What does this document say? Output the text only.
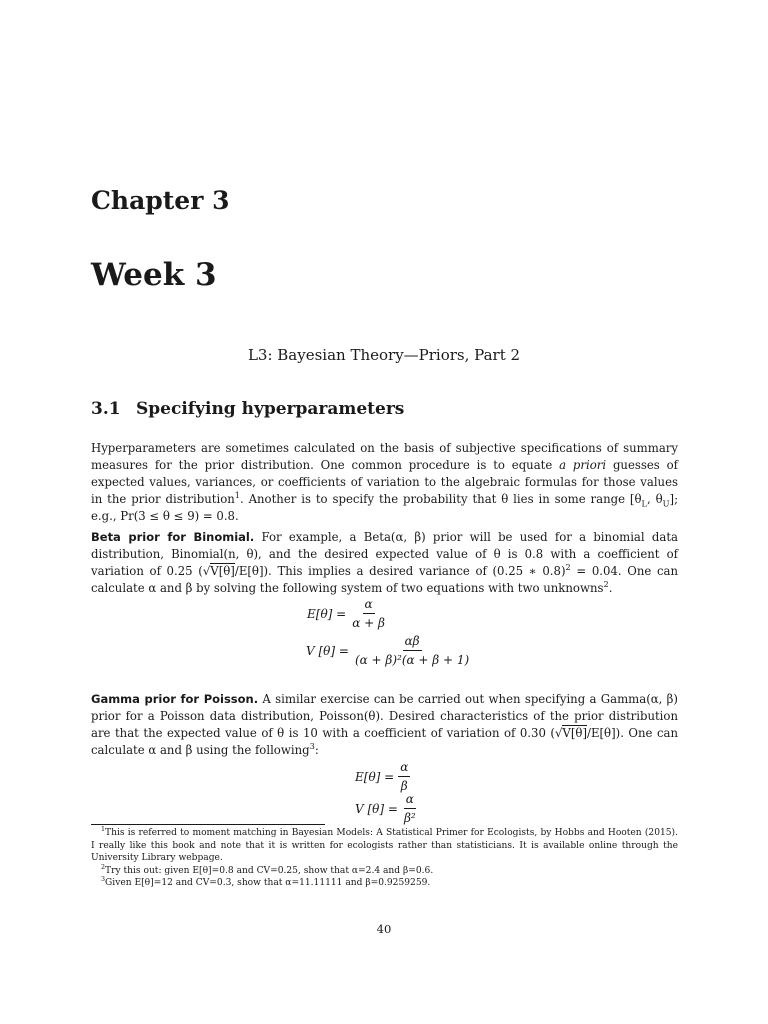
Chapter 3
Week 3
L3: Bayesian Theory—Priors, Part 2
3.1 Specifying hyperparameters

Hyperparameters are sometimes calculated on the basis of subjective specifications of summary measures for the prior distribution. One common procedure is to equate a priori guesses of expected values, variances, or coefficients of variation to the algebraic formulas for those values in the prior distribution$^1$. Another is to specify the probability that θ lies in some range [$\theta_L$, $\theta_U$]; e.g., Pr(3 ≤ θ ≤ 9) = 0.8.

Beta prior for Binomial. For example, a Beta(α, β) prior will be used for a binomial data distribution, Binomial(n, θ), and the desired expected value of θ is 0.8 with a coefficient of variation of 0.25 (√V[θ]/E[θ]). This implies a desired variance of (0.25 ∗ 0.8)$^2$ = 0.04. One can calculate α and β by solving the following system of two equations with two unknowns$^2$.

$E[\theta] = \frac{\alpha}{\alpha + \beta}$
V $[\theta] = \frac{\alpha\beta}{\text{(α + β)²(α + β + 1)}}$

Gamma prior for Poisson. A similar exercise can be carried out when specifying a Gamma(α, β) prior for a Poisson data distribution, Poisson(θ). Desired characteristics of the prior distribution are that the expected value of θ is 10 with a coefficient of variation of 0.30 (√V[θ]/E[θ]). One can calculate α and β using the following$^3$:

$E[\theta] = \frac{\alpha}{\beta}$
V $[\theta] = \frac{\alpha}{\text{β²}}$

$^1$This is referred to moment matching in Bayesian Models: A Statistical Primer for Ecologists, by Hobbs and Hooten (2015). I really like this book and note that it is written for ecologists rather than statisticians. It is available online through the University Library webpage.

$^2$Try this out: given E[θ]=0.8 and CV=0.25, show that α=2.4 and β=0.6.

$^3$Given E[θ]=12 and CV=0.3, show that α=11.11111 and β=0.9259259.

40
